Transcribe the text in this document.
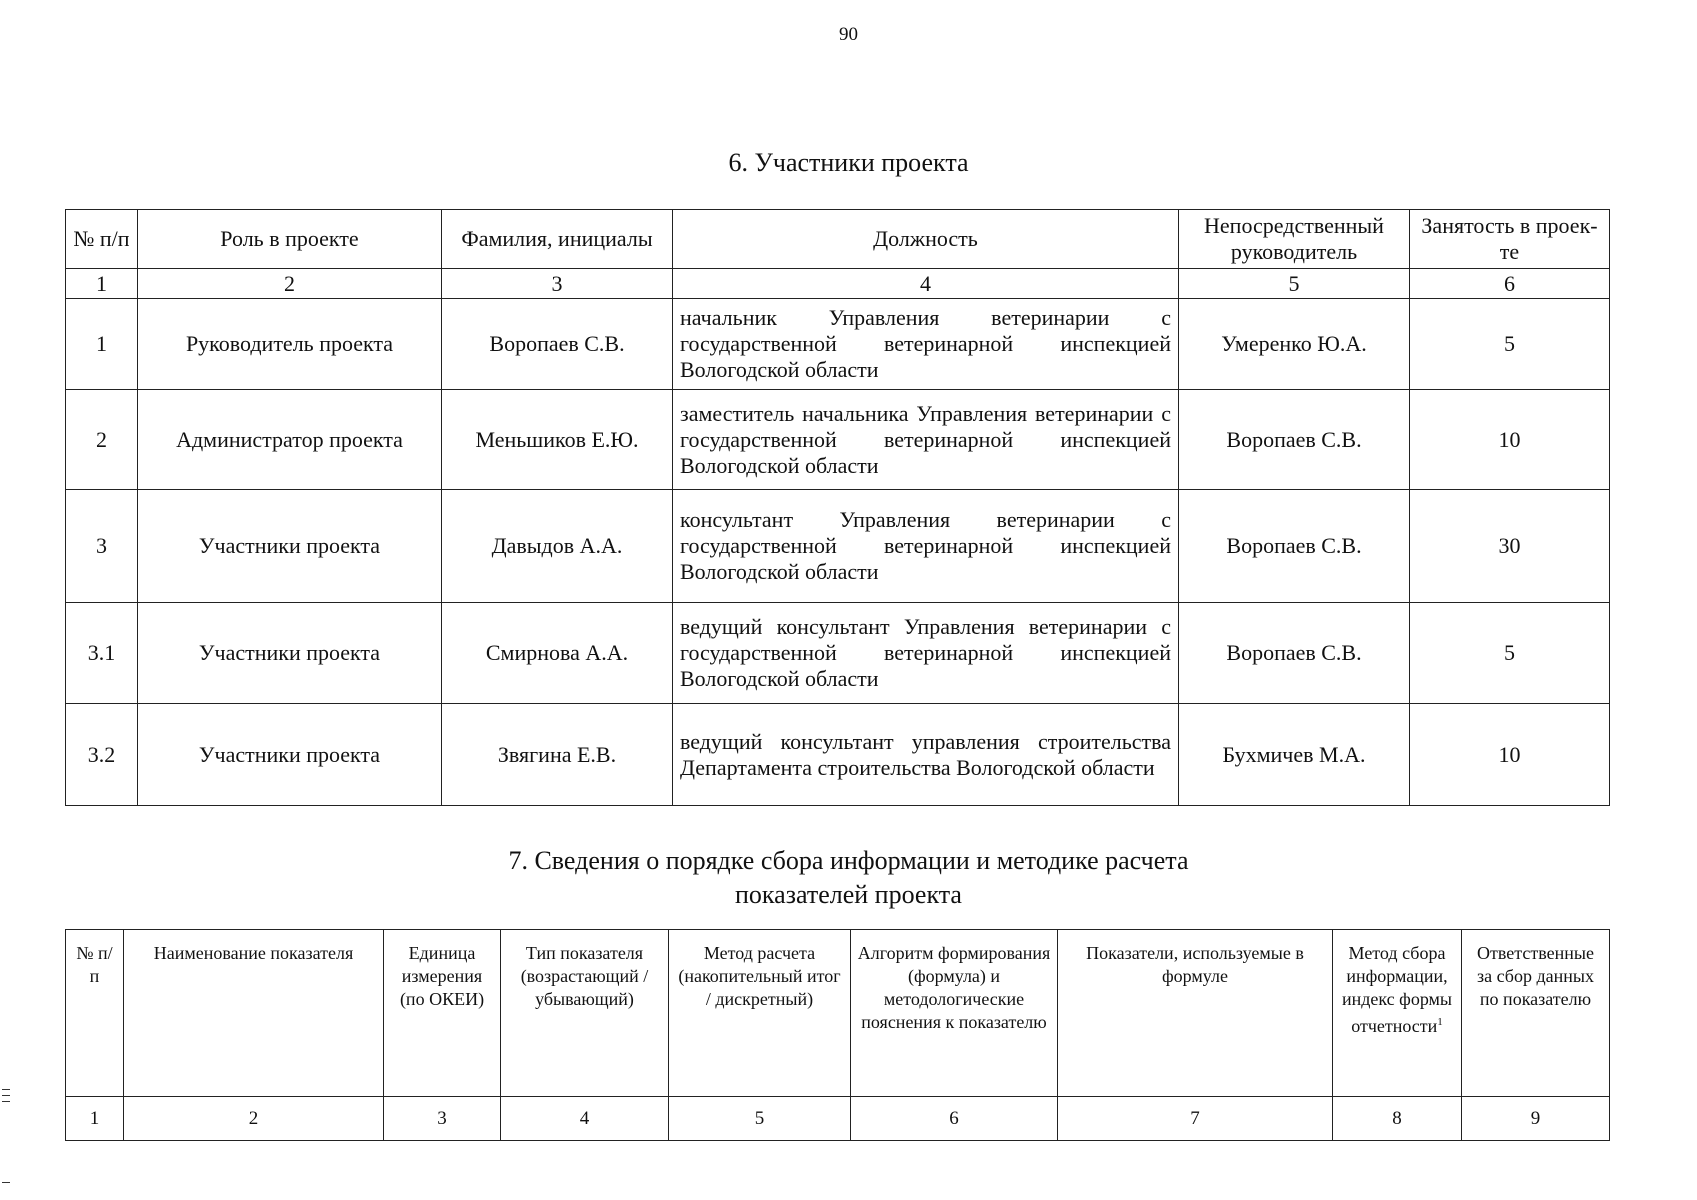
90
6. Участники проекта
№ п/п	Роль в проекте	Фамилия, инициалы	Должность	Непосредственный руководитель	Занятость в проек-те
1	2	3	4	5	6
1	Руководитель проекта	Воропаев С.В.	начальник Управления ветеринарии с государственной ветеринарной инспекцией Вологодской области	Умеренко Ю.А.	5
2	Администратор проекта	Меньшиков Е.Ю.	заместитель начальника Управления ветеринарии с государственной ветеринарной инспекцией Вологодской области	Воропаев С.В.	10
3	Участники проекта	Давыдов А.А.	консультант Управления ветеринарии с государственной ветеринарной инспекцией Вологодской области	Воропаев С.В.	30
3.1	Участники проекта	Смирнова А.А.	ведущий консультант Управления ветеринарии с государственной ветеринарной инспекцией Вологодской области	Воропаев С.В.	5
3.2	Участники проекта	Звягина Е.В.	ведущий консультант управления строительства Департамента строительства Вологодской области	Бухмичев М.А.	10
7. Сведения о порядке сбора информации и методике расчета
показателей проекта
№ п/п	Наименование показателя	Единица измерения (по ОКЕИ)	Тип показателя (возрастающий / убывающий)	Метод расчета (накопительный итог / дискретный)	Алгоритм формирования (формула) и методологические пояснения к показателю	Показатели, используемые в формуле	Метод сбора информации, индекс формы отчетности$^1$	Ответственные за сбор данных по показателю
1	2	3	4	5	6	7	8	9
